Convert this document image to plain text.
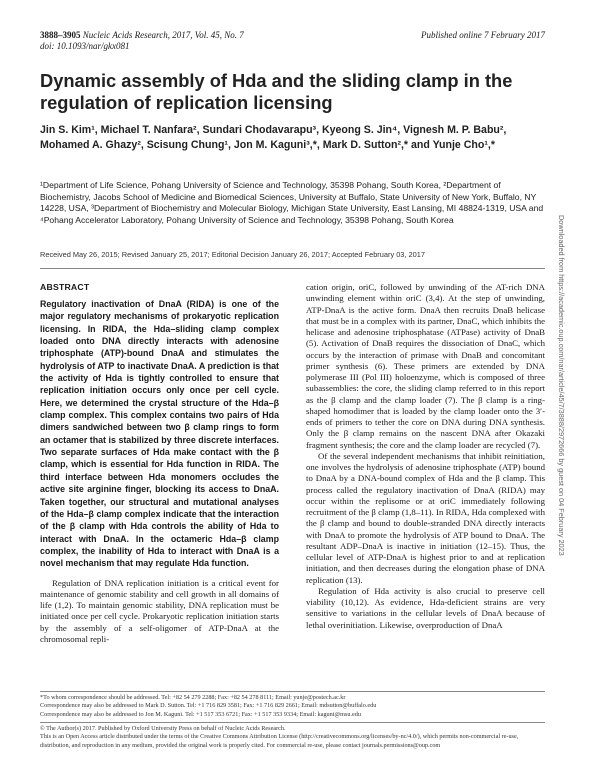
3888–3905 Nucleic Acids Research, 2017, Vol. 45, No. 7
doi: 10.1093/nar/gkx081
Published online 7 February 2017
Dynamic assembly of Hda and the sliding clamp in the regulation of replication licensing
Jin S. Kim¹, Michael T. Nanfara², Sundari Chodavarapu³, Kyeong S. Jin⁴, Vignesh M. P. Babu², Mohamed A. Ghazy², Scisung Chung¹, Jon M. Kaguni³,*, Mark D. Sutton²,* and Yunje Cho¹,*
¹Department of Life Science, Pohang University of Science and Technology, 35398 Pohang, South Korea, ²Department of Biochemistry, Jacobs School of Medicine and Biomedical Sciences, University at Buffalo, State University of New York, Buffalo, NY 14228, USA, ³Department of Biochemistry and Molecular Biology, Michigan State University, East Lansing, MI 48824-1319, USA and ⁴Pohang Accelerator Laboratory, Pohang University of Science and Technology, 35398 Pohang, South Korea
Received May 26, 2015; Revised January 25, 2017; Editorial Decision January 26, 2017; Accepted February 03, 2017
ABSTRACT

Regulatory inactivation of DnaA (RIDA) is one of the major regulatory mechanisms of prokaryotic replication licensing. In RIDA, the Hda–sliding clamp complex loaded onto DNA directly interacts with adenosine triphosphate (ATP)-bound DnaA and stimulates the hydrolysis of ATP to inactivate DnaA. A prediction is that the activity of Hda is tightly controlled to ensure that replication initiation occurs only once per cell cycle. Here, we determined the crystal structure of the Hda–β clamp complex. This complex contains two pairs of Hda dimers sandwiched between two β clamp rings to form an octamer that is stabilized by three discrete interfaces. Two separate surfaces of Hda make contact with the β clamp, which is essential for Hda function in RIDA. The third interface between Hda monomers occludes the active site arginine finger, blocking its access to DnaA. Taken together, our structural and mutational analyses of the Hda–β clamp complex indicate that the interaction of the β clamp with Hda controls the ability of Hda to interact with DnaA. In the octameric Hda–β clamp complex, the inability of Hda to interact with DnaA is a novel mechanism that may regulate Hda function.

Regulation of DNA replication initiation is a critical event for maintenance of genomic stability and cell growth in all domains of life (1,2). To maintain genomic stability, DNA replication must be initiated once per cell cycle. Prokaryotic replication initiation starts by the assembly of a self-oligomer of ATP-DnaA at the chromosomal repli-

cation origin, oriC, followed by unwinding of the AT-rich DNA unwinding element within oriC (3,4). At the step of unwinding, ATP-DnaA is the active form. DnaA then recruits DnaB helicase that must be in a complex with its partner, DnaC, which inhibits the helicase and adenosine triphosphatase (ATPase) activity of DnaB (5). Activation of DnaB requires the dissociation of DnaC, which occurs by the interaction of primase with DnaB and concomitant primer synthesis (6). These primers are extended by DNA polymerase III (Pol III) holoenzyme, which is composed of three subassemblies: the core, the sliding clamp referred to in this report as the β clamp and the clamp loader (7). The β clamp is a ring-shaped homodimer that is loaded by the clamp loader onto the 3′-ends of primers to tether the core on DNA during DNA synthesis. Only the β clamp remains on the nascent DNA after Okazaki fragment synthesis; the core and the clamp loader are recycled (7).

Of the several independent mechanisms that inhibit reinitiation, one involves the hydrolysis of adenosine triphosphate (ATP) bound to DnaA by a DNA-bound complex of Hda and the β clamp. This process called the regulatory inactivation of DnaA (RIDA) may occur within the replisome or at oriC immediately following recruitment of the β clamp (1,8–11). In RIDA, Hda complexed with the β clamp and bound to double-stranded DNA directly interacts with DnaA to promote the hydrolysis of ATP bound to DnaA. The resultant ADP–DnaA is inactive in initiation (12–15). Thus, the cellular level of ATP-DnaA is highest prior to and at replication initiation, and then decreases during the elongation phase of DNA replication (13).

Regulation of Hda activity is also crucial to preserve cell viability (10,12). As evidence, Hda-deficient strains are very sensitive to variations in the cellular levels of DnaA because of lethal overinitiation. Likewise, overproduction of DnaA

*To whom correspondence should be addressed. Tel: +82 54 279 2288; Fax: +82 54 278 8111; Email: yunje@postech.ac.kr
Correspondence may also be addressed to Mark D. Sutton. Tel: +1 716 829 3581; Fax: +1 716 829 2661; Email: mdsutton@buffalo.edu
Correspondence may also be addressed to Jon M. Kaguni. Tel: +1 517 353 6721; Fax: +1 517 353 9334; Email: kaguni@msu.edu
© The Author(s) 2017. Published by Oxford University Press on behalf of Nucleic Acids Research.
This is an Open Access article distributed under the terms of the Creative Commons Attribution License (http://creativecommons.org/licenses/by-nc/4.0/), which permits non-commercial re-use, distribution, and reproduction in any medium, provided the original work is properly cited. For commercial re-use, please contact journals.permissions@oup.com
Downloaded from https://academic.oup.com/nar/article/45/7/3888/2972666 by guest on 04 February 2023
